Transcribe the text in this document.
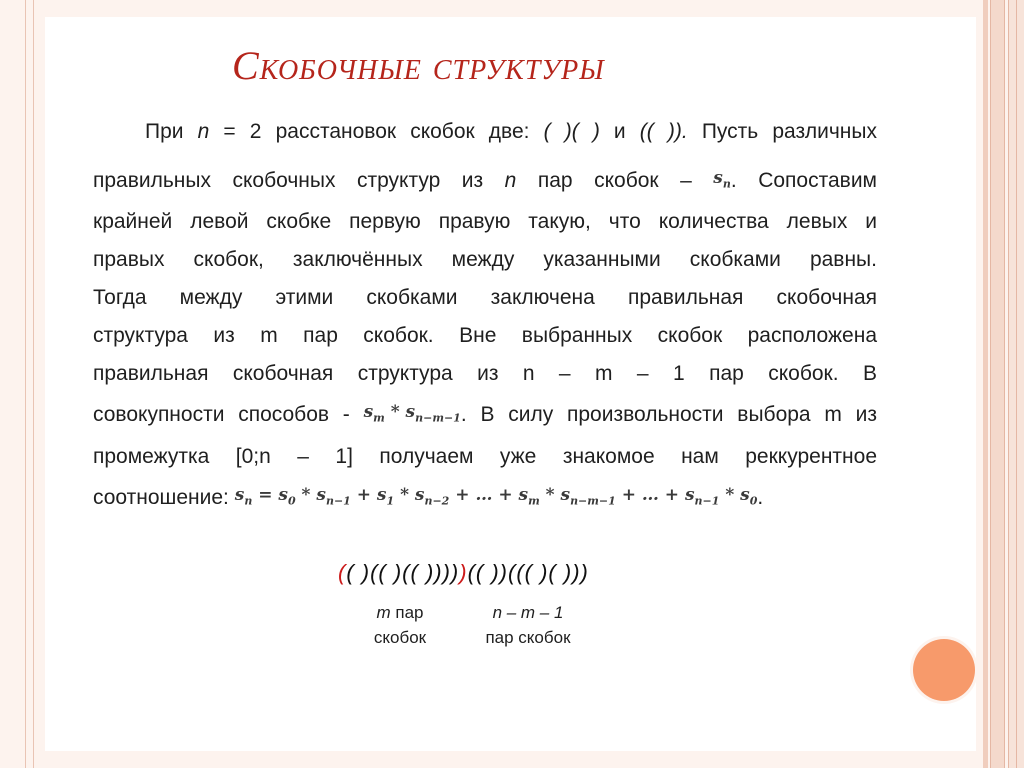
Скобочные структуры
При n = 2 расстановок скобок две: ( )( ) и (( )). Пусть различных
правильных скобочных структур из n пар скобок – $s_n$. Сопоставим
крайней левой скобке первую правую такую, что количества левых и
правых скобок, заключённых между указанными скобками равны.
Тогда между этими скобками заключена правильная скобочная
структура из m пар скобок. Вне выбранных скобок расположена
правильная скобочная структура из n – m – 1 пар скобок. В
совокупности способов - $s_m * s_{n-m-1}$. В силу произвольности выбора m из
промежутка [0;n – 1] получаем уже знакомое нам реккурентное
соотношение: $s_n = s_0 * s_{n-1} + s_1 * s_{n-2}$ + … + $s_m * s_{n-m-1}$ + … + $s_{n-1} * s_0$.
(( )(( )(( )))))(( ))((( )( )))
m пар
скобок
n – m – 1
пар скобок
